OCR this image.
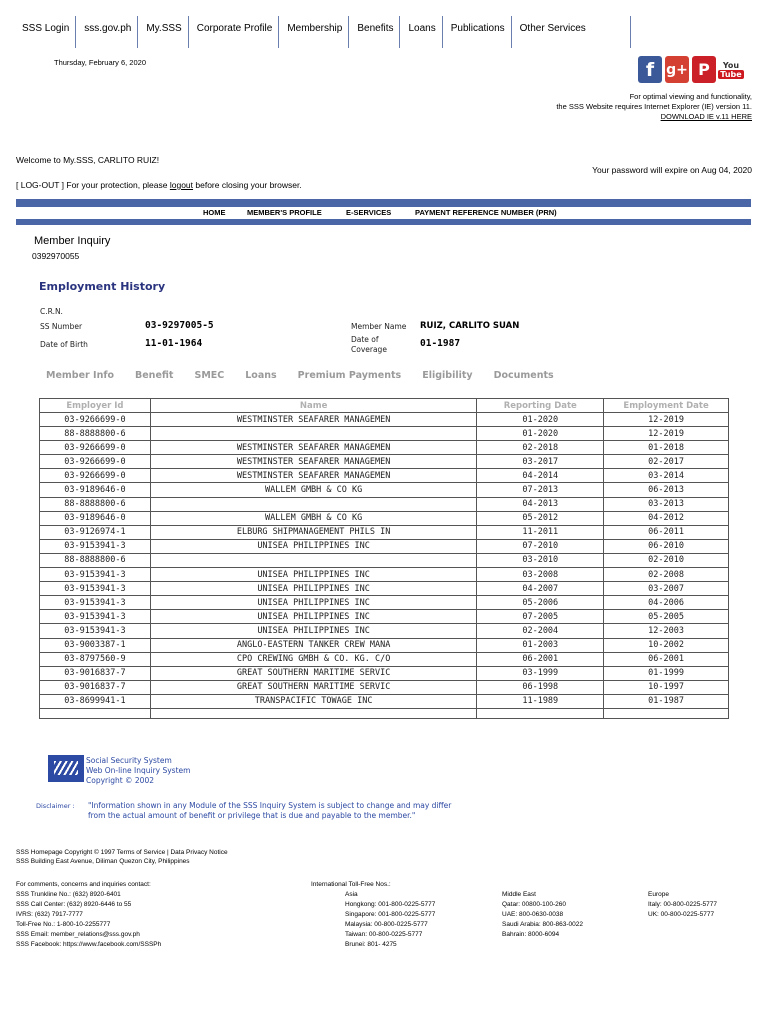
SSS Login	sss.gov.ph	My.SSS	Corporate Profile	Membership	Benefits	Loans	Publications	Other Services
Thursday, February 6, 2020	f g+ P	You
Tube
For optimal viewing and functionality,
the SSS Website requires Internet Explorer (IE) version 11.
DOWNLOAD IE v.11 HERE
Welcome to My.SSS, CARLITO RUIZ!
Your password will expire on Aug 04, 2020
[ LOG-OUT ] For your protection, please logout before closing your browser.
HOME	MEMBER'S PROFILE	E-SERVICES	PAYMENT REFERENCE NUMBER (PRN)
Member Inquiry
0392970055
Employment History
C.R.N.
SS Number	03-9297005-5
Date of Birth	11-01-1964
Member Name RUIZ, CARLITO SUAN
Date of
Coverage
01-1987
Member Info Benefit SMEC Loans Premium Payments Eligibility Documents
Employer Id	Name	Reporting Date	Employment Date
03-9266699-0	WESTMINSTER SEAFARER MANAGEMEN	01-2020	12-2019
88-8888800-6		01-2020	12-2019
03-9266699-0	WESTMINSTER SEAFARER MANAGEMEN	02-2018	01-2018
03-9266699-0	WESTMINSTER SEAFARER MANAGEMEN	03-2017	02-2017
03-9266699-0	WESTMINSTER SEAFARER MANAGEMEN	04-2014	03-2014
03-9189646-0	WALLEM GMBH & CO KG	07-2013	06-2013
88-8888800-6		04-2013	03-2013
03-9189646-0	WALLEM GMBH & CO KG	05-2012	04-2012
03-9126974-1	ELBURG SHIPMANAGEMENT PHILS IN	11-2011	06-2011
03-9153941-3	UNISEA PHILIPPINES INC	07-2010	06-2010
88-8888800-6		03-2010	02-2010
03-9153941-3	UNISEA PHILIPPINES INC	03-2008	02-2008
03-9153941-3	UNISEA PHILIPPINES INC	04-2007	03-2007
03-9153941-3	UNISEA PHILIPPINES INC	05-2006	04-2006
03-9153941-3	UNISEA PHILIPPINES INC	07-2005	05-2005
03-9153941-3	UNISEA PHILIPPINES INC	02-2004	12-2003
03-9003387-1	ANGLO-EASTERN TANKER CREW MANA	01-2003	10-2002
03-8797560-9	CPO CREWING GMBH & CO. KG. C/O	06-2001	06-2001
03-9016837-7	GREAT SOUTHERN MARITIME SERVIC	03-1999	01-1999
03-9016837-7	GREAT SOUTHERN MARITIME SERVIC	06-1998	10-1997
03-8699941-1	TRANSPACIFIC TOWAGE INC	11-1989	01-1987

Social Security System
Web On-line Inquiry System
Copyright © 2002
Disclaimer : "Information shown in any Module of the SSS Inquiry System is subject to change and may differ
from the actual amount of benefit or privilege that is due and payable to the member."
SSS Homepage Copyright © 1997 Terms of Service | Data Privacy Notice
SSS Building East Avenue, Diliman Quezon City, Philippines
For comments, concerns and inquiries contact:
SSS Trunkline No.: (632) 8920-6401
SSS Call Center: (632) 8920-6446 to 55
IVRS: (632) 7917-7777
Toll-Free No.: 1-800-10-2255777
SSS Email: member_relations@sss.gov.ph
SSS Facebook: https://www.facebook.com/SSSPh
International Toll-Free Nos.:
Asia
Hongkong: 001-800-0225-5777
Singapore: 001-800-0225-5777
Malaysia: 00-800-0225-5777
Taiwan: 00-800-0225-5777
Brunei: 801- 4275
Middle East
Qatar: 00800-100-260
UAE: 800-0630-0038
Saudi Arabia: 800-863-0022
Bahrain: 8000-6094
Europe
Italy: 00-800-0225-5777
UK: 00-800-0225-5777
